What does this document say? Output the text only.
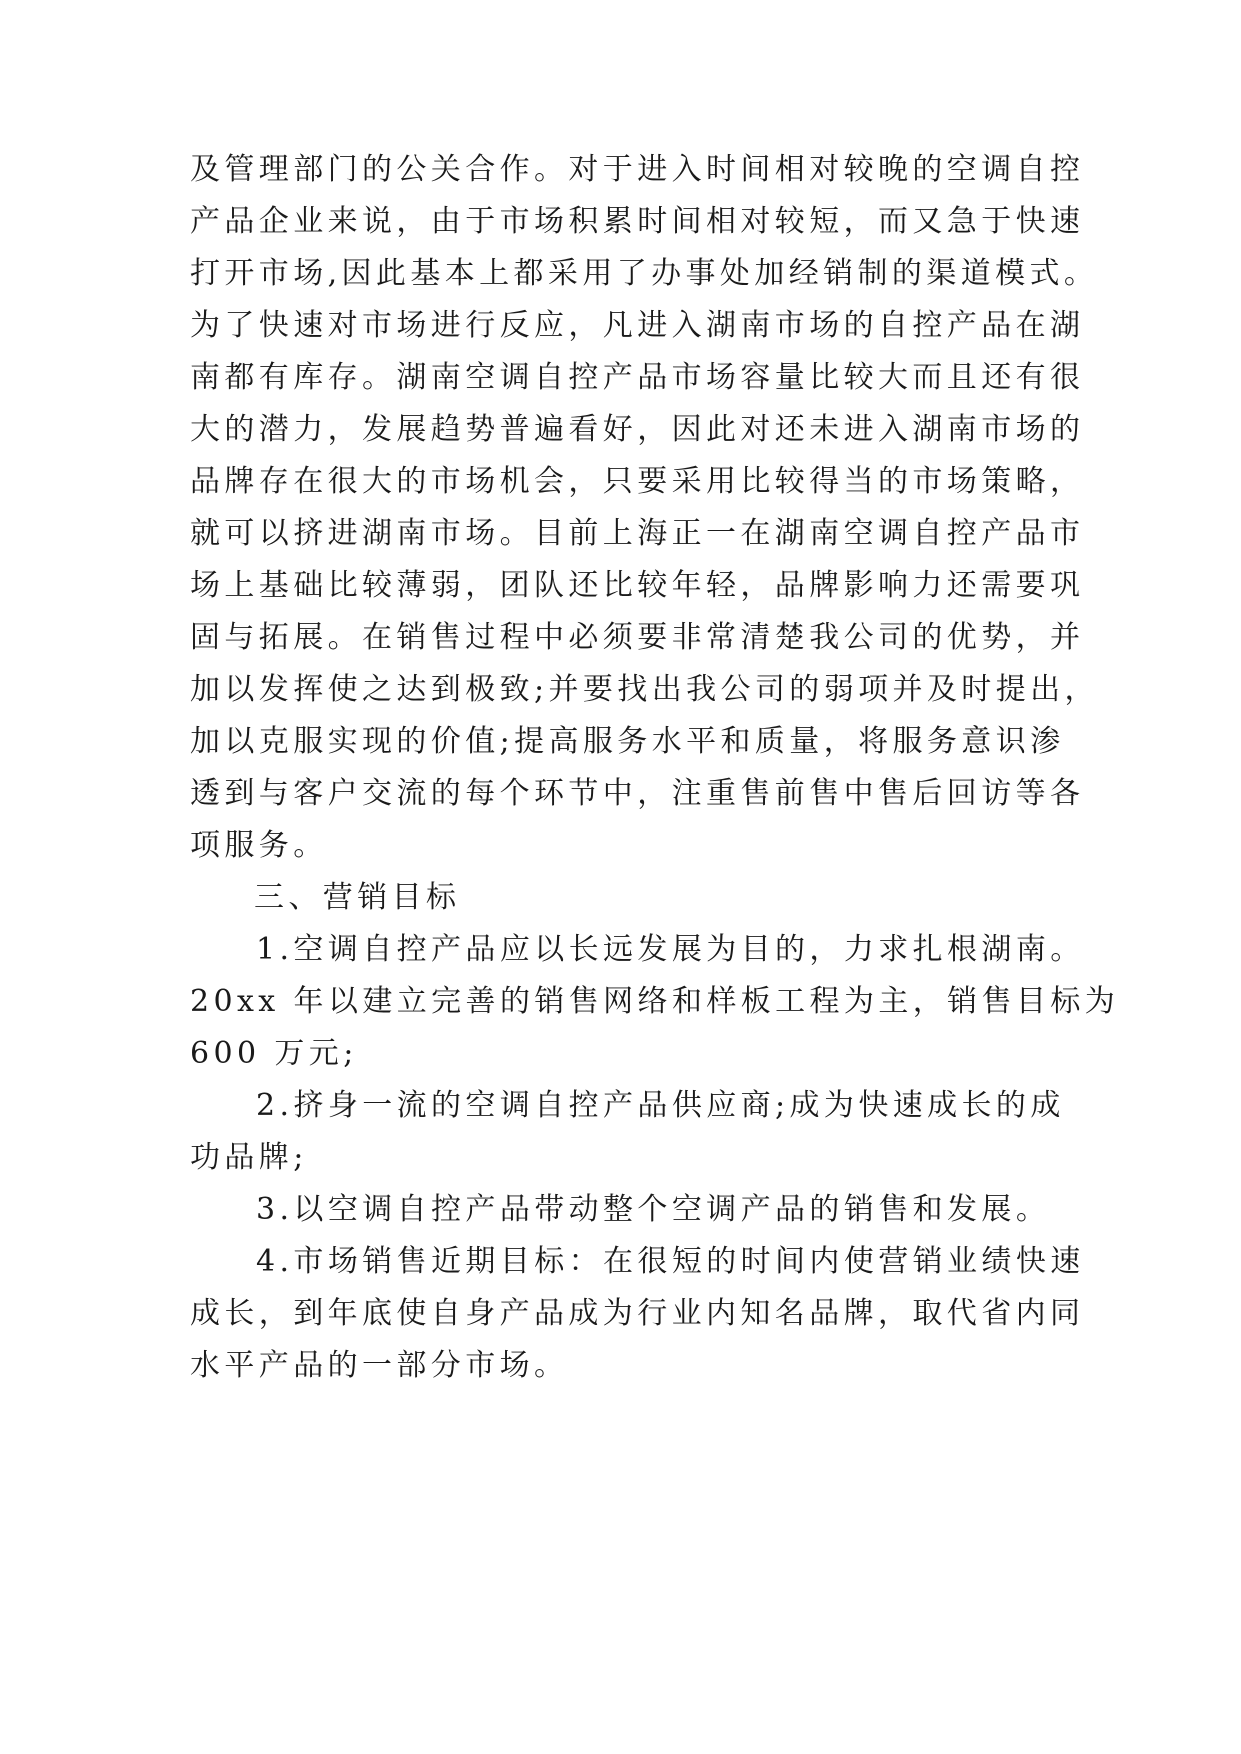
及管理部门的公关合作。对于进入时间相对较晚的空调自控
产品企业来说，由于市场积累时间相对较短，而又急于快速
打开市场,因此基本上都采用了办事处加经销制的渠道模式。
为了快速对市场进行反应，凡进入湖南市场的自控产品在湖
南都有库存。湖南空调自控产品市场容量比较大而且还有很
大的潜力，发展趋势普遍看好，因此对还未进入湖南市场的
品牌存在很大的市场机会，只要采用比较得当的市场策略，
就可以挤进湖南市场。目前上海正一在湖南空调自控产品市
场上基础比较薄弱，团队还比较年轻，品牌影响力还需要巩
固与拓展。在销售过程中必须要非常清楚我公司的优势，并
加以发挥使之达到极致;并要找出我公司的弱项并及时提出，
加以克服实现的价值;提高服务水平和质量，将服务意识渗
透到与客户交流的每个环节中，注重售前售中售后回访等各
项服务。
三、营销目标
1.空调自控产品应以长远发展为目的，力求扎根湖南。
20xx 年以建立完善的销售网络和样板工程为主，销售目标为
600 万元;
2.挤身一流的空调自控产品供应商;成为快速成长的成
功品牌;
3.以空调自控产品带动整个空调产品的销售和发展。
4.市场销售近期目标：在很短的时间内使营销业绩快速
成长，到年底使自身产品成为行业内知名品牌，取代省内同
水平产品的一部分市场。
